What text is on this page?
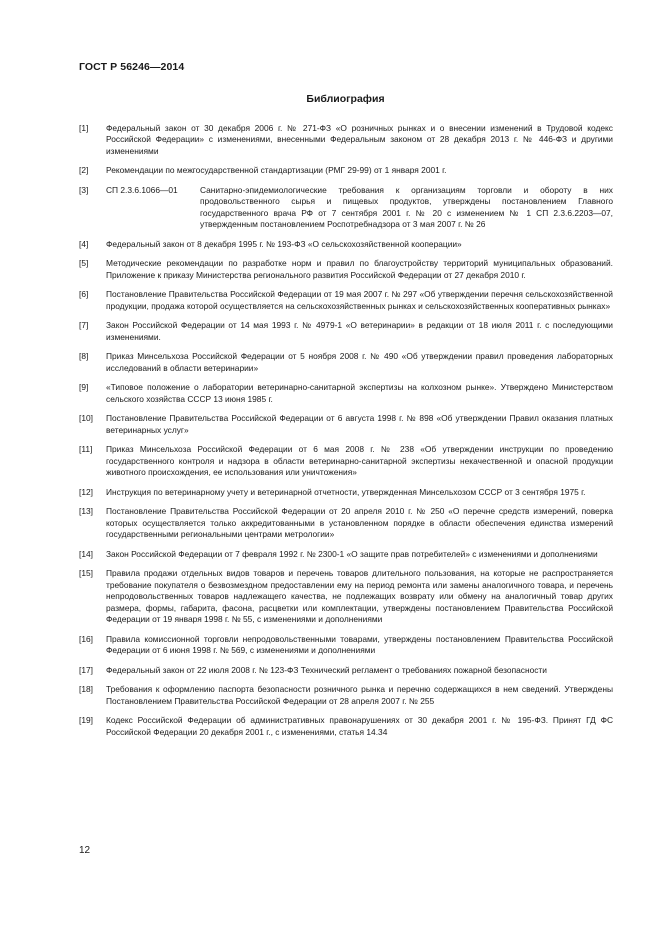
ГОСТ Р 56246—2014
Библиография
[1]	Федеральный закон от 30 декабря 2006 г. № 271-ФЗ «О розничных рынках и о внесении изменений в Трудовой кодекс Российской Федерации» с изменениями, внесенными Федеральным законом от 28 декабря 2013 г. № 446-ФЗ и другими изменениями
[2]	Рекомендации по межгосударственной стандартизации (РМГ 29-99) от 1 января 2001 г.
[3]	СП 2.3.6.1066—01	Санитарно-эпидемиологические требования к организациям торговли и обороту в них продовольственного сырья и пищевых продуктов, утверждены постановлением Главного государственного врача РФ от 7 сентября 2001 г. № 20 с изменением № 1 СП 2.3.6.2203—07, утвержденным постановлением Роспотребнадзора от 3 мая 2007 г. № 26
[4]	Федеральный закон от 8 декабря 1995 г. № 193-ФЗ «О сельскохозяйственной кооперации»
[5]	Методические рекомендации по разработке норм и правил по благоустройству территорий муниципальных образований. Приложение к приказу Министерства регионального развития Российской Федерации от 27 декабря 2010 г.
[6]	Постановление Правительства Российской Федерации от 19 мая 2007 г. № 297 «Об утверждении перечня сельскохозяйственной продукции, продажа которой осуществляется на сельскохозяйственных рынках и сельскохозяйственных кооперативных рынках»
[7]	Закон Российской Федерации от 14 мая 1993 г. № 4979-1 «О ветеринарии» в редакции от 18 июля 2011 г. с последующими изменениями.
[8]	Приказ Минсельхоза Российской Федерации от 5 ноября 2008 г. № 490 «Об утверждении правил проведения лабораторных исследований в области ветеринарии»
[9]	«Типовое положение о лаборатории ветеринарно-санитарной экспертизы на колхозном рынке». Утверждено Министерством сельского хозяйства СССР 13 июня 1985 г.
[10]	Постановление Правительства Российской Федерации от 6 августа 1998 г. № 898 «Об утверждении Правил оказания платных ветеринарных услуг»
[11]	Приказ Минсельхоза Российской Федерации от 6 мая 2008 г. № 238 «Об утверждении инструкции по проведению государственного контроля и надзора в области ветеринарно-санитарной экспертизы некачественной и опасной продукции животного происхождения, ее использования или уничтожения»
[12]	Инструкция по ветеринарному учету и ветеринарной отчетности, утвержденная Минсельхозом СССР от 3 сентября 1975 г.
[13]	Постановление Правительства Российской Федерации от 20 апреля 2010 г. № 250 «О перечне средств измерений, поверка которых осуществляется только аккредитованными в установленном порядке в области обеспечения единства измерений государственными региональными центрами метрологии»
[14]	Закон Российской Федерации от 7 февраля 1992 г. № 2300-1 «О защите прав потребителей» с изменениями и дополнениями
[15]	Правила продажи отдельных видов товаров и перечень товаров длительного пользования, на которые не распространяется требование покупателя о безвозмездном предоставлении ему на период ремонта или замены аналогичного товара, и перечень непродовольственных товаров надлежащего качества, не подлежащих возврату или обмену на аналогичный товар других размера, формы, габарита, фасона, расцветки или комплектации, утверждены постановлением Правительства Российской Федерации от 19 января 1998 г. № 55, с изменениями и дополнениями
[16]	Правила комиссионной торговли непродовольственными товарами, утверждены постановлением Правительства Российской Федерации от 6 июня 1998 г. № 569, с изменениями и дополнениями
[17]	Федеральный закон от 22 июля 2008 г. № 123-ФЗ Технический регламент о требованиях пожарной безопасности
[18]	Требования к оформлению паспорта безопасности розничного рынка и перечню содержащихся в нем сведений. Утверждены Постановлением Правительства Российской Федерации от 28 апреля 2007 г. № 255
[19]	Кодекс Российской Федерации об административных правонарушениях от 30 декабря 2001 г. № 195-ФЗ. Принят ГД ФС Российской Федерации 20 декабря 2001 г., с изменениями, статья 14.34
12
